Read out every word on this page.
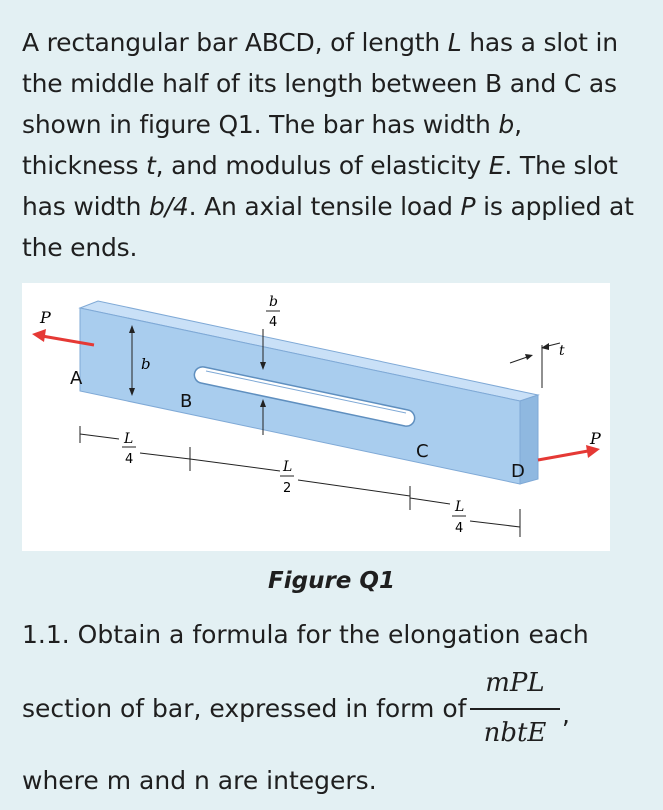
A rectangular bar ABCD, of length L has a slot in the middle half of its length between B and C as shown in figure Q1. The bar has width b, thickness t, and modulus of elasticity E. The slot has width b/4. An axial tensile load P is applied at the ends.
P
P
A
B
C
D
b
b
4
t
L
4	L
2
L
4
Figure Q1
1.1. Obtain a formula for the elongation each
section of bar, expressed in form of
mPL
nbtE
,
where m and n are integers.
